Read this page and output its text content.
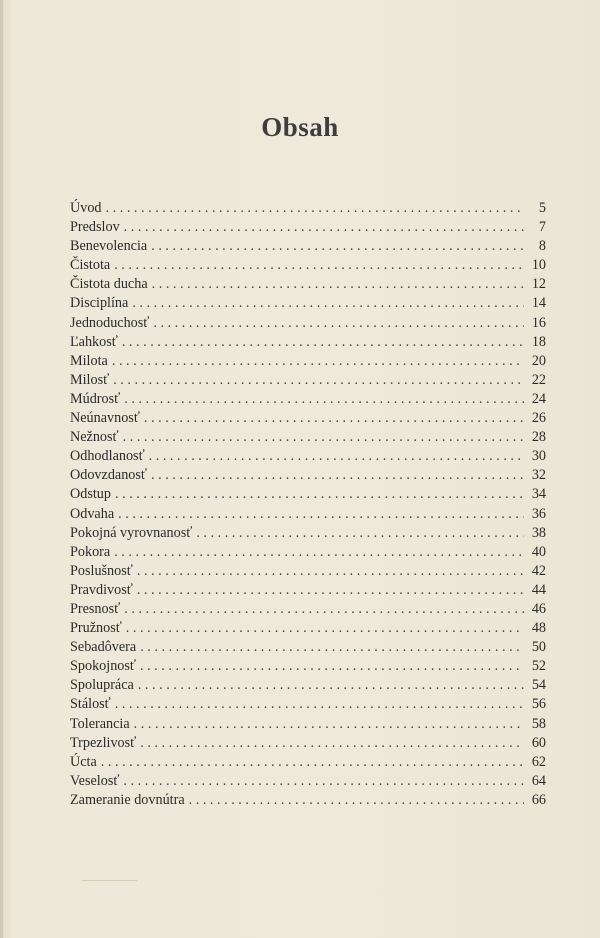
Obsah
Úvod . . .	5
Predslov . . .	7
Benevolencia . . .	8
Čistota . . .	10
Čistota ducha . . .	12
Disciplína . . .	14
Jednoduchosť . . .	16
Ľahkosť . . .	18
Milota . . .	20
Milosť . . .	22
Múdrosť . . .	24
Neúnavnosť . . .	26
Nežnosť . . .	28
Odhodlanosť . . .	30
Odovzdanosť . . .	32
Odstup . . .	34
Odvaha . . .	36
Pokojná vyrovnanosť . . .	38
Pokora . . .	40
Poslušnosť . . .	42
Pravdivosť . . .	44
Presnosť . . .	46
Pružnosť . . .	48
Sebadôvera . . .	50
Spokojnosť . . .	52
Spolupráca . . .	54
Stálosť . . .	56
Tolerancia . . .	58
Trpezlivosť . . .	60
Úcta . . .	62
Veselosť . . .	64
Zameranie dovnútra . . .	66
